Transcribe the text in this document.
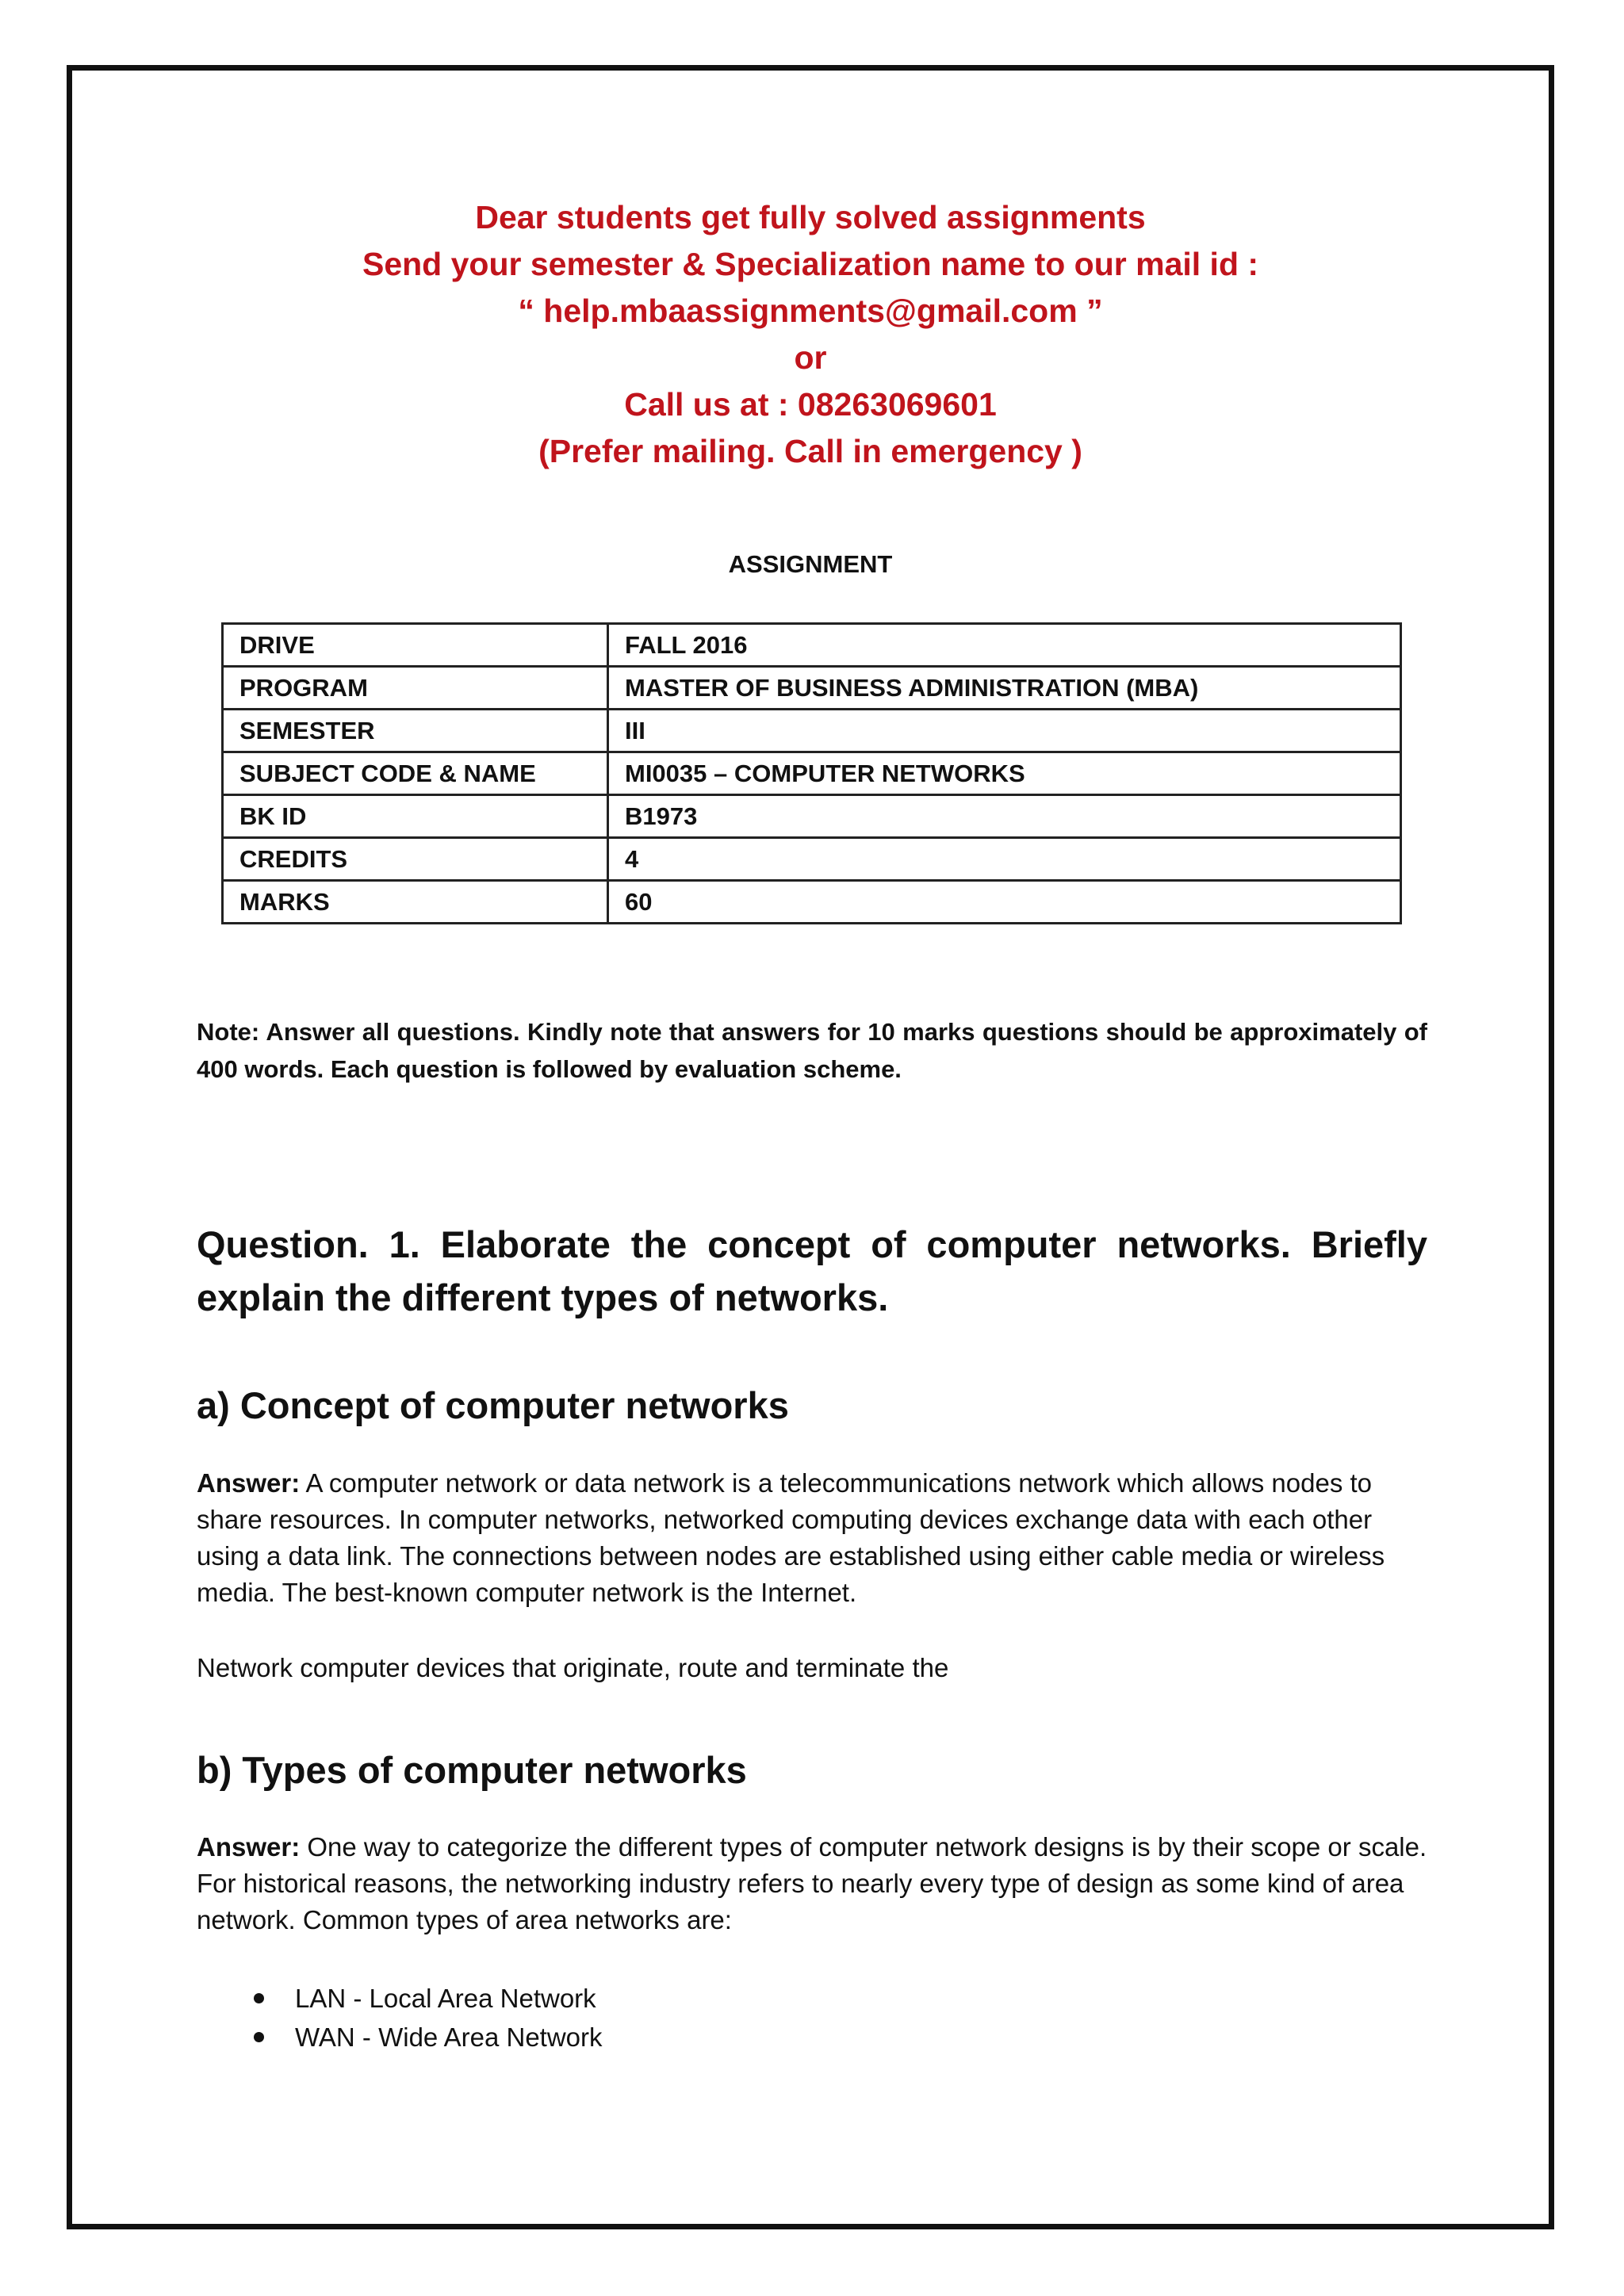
Dear students get fully solved assignments
Send your semester & Specialization name to our mail id :
“ help.mbaassignments@gmail.com ”
or
Call us at : 08263069601
(Prefer mailing. Call in emergency )
ASSIGNMENT
DRIVE	FALL 2016
PROGRAM	MASTER OF BUSINESS ADMINISTRATION (MBA)
SEMESTER	III
SUBJECT CODE & NAME	MI0035 – COMPUTER NETWORKS
BK ID	B1973
CREDITS	4
MARKS	60
Note: Answer all questions. Kindly note that answers for 10 marks questions should be approximately of 400 words. Each question is followed by evaluation scheme.
Question. 1. Elaborate the concept of computer networks. Briefly explain the different types of networks.
a) Concept of computer networks
Answer: A computer network or data network is a telecommunications network which allows nodes to share resources. In computer networks, networked computing devices exchange data with each other using a data link. The connections between nodes are established using either cable media or wireless media. The best-known computer network is the Internet.
Network computer devices that originate, route and terminate the
b) Types of computer networks
Answer: One way to categorize the different types of computer network designs is by their scope or scale. For historical reasons, the networking industry refers to nearly every type of design as some kind of area network. Common types of area networks are:
LAN - Local Area Network
WAN - Wide Area Network
